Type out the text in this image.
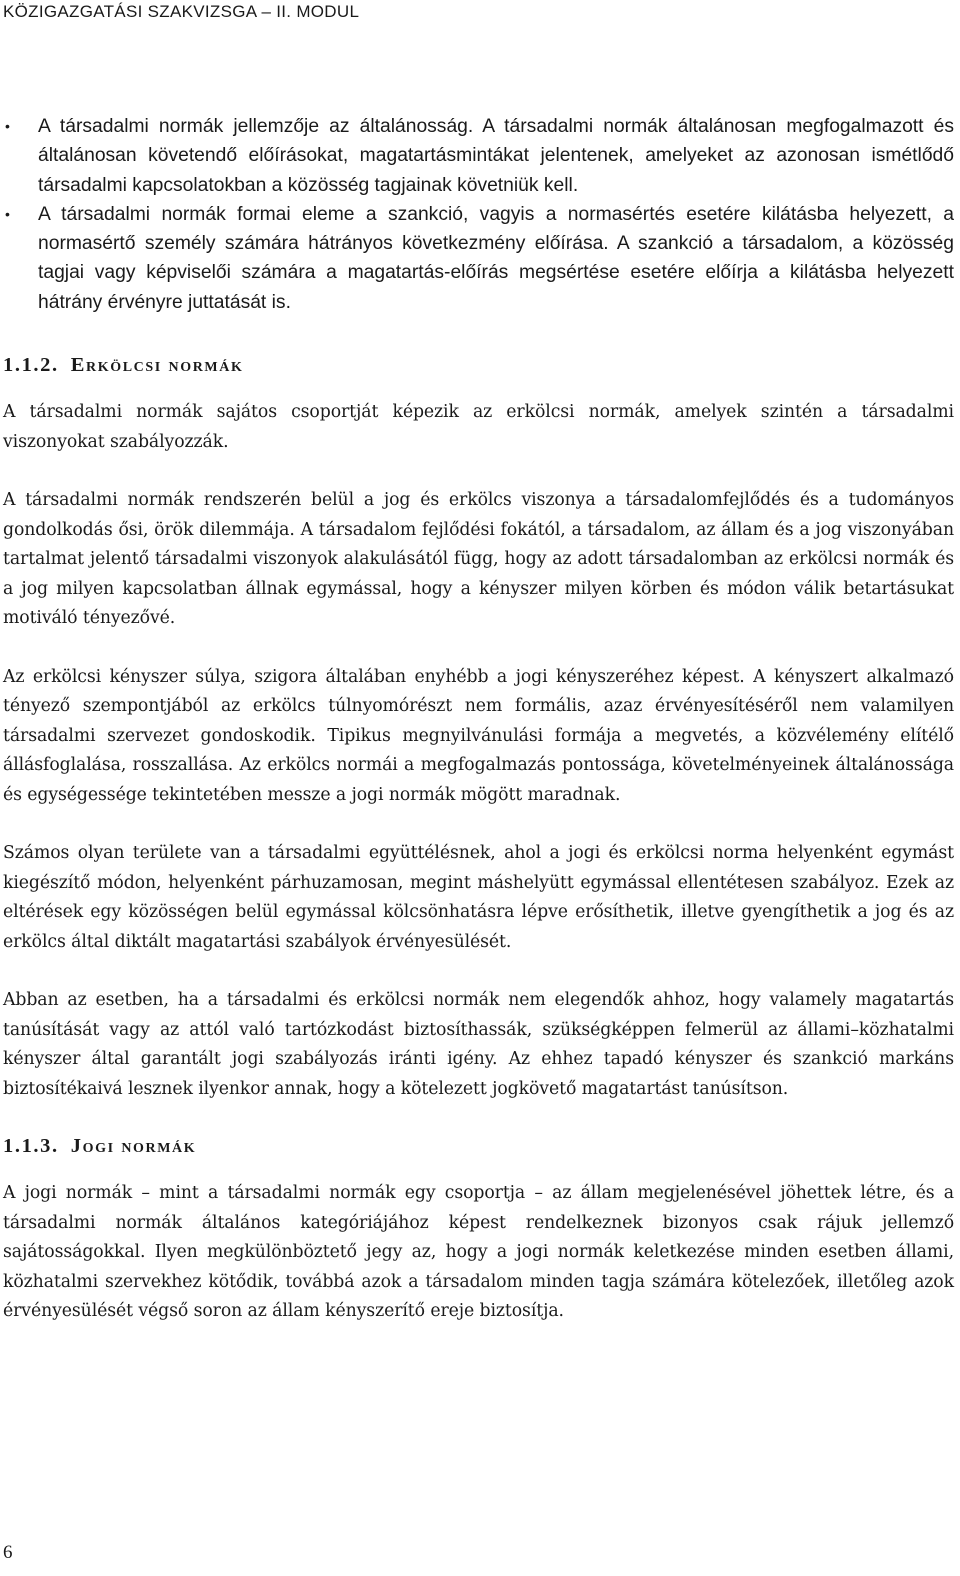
KÖZIGAZGATÁSI SZAKVIZSGA – II. MODUL
• A társadalmi normák jellemzője az általánosság. A társadalmi normák általánosan megfogalmazott és általánosan követendő előírásokat, magatartásmintákat jelentenek, amelyeket az azonosan ismétlődő társadalmi kapcsolatokban a közösség tagjainak követniük kell.
• A társadalmi normák formai eleme a szankció, vagyis a normasértés esetére kilátásba helyezett, a normasértő személy számára hátrányos következmény előírása. A szankció a társadalom, a közösség tagjai vagy képviselői számára a magatartás-előírás megsértése esetére előírja a kilátásba helyezett hátrány érvényre juttatását is.
1.1.2. Erkölcsi normák

A társadalmi normák sajátos csoportját képezik az erkölcsi normák, amelyek szintén a társadalmi viszonyokat szabályozzák.

A társadalmi normák rendszerén belül a jog és erkölcs viszonya a társadalomfejlődés és a tudományos gondolkodás ősi, örök dilemmája. A társadalom fejlődési fokától, a társadalom, az állam és a jog viszonyában tartalmat jelentő társadalmi viszonyok alakulásától függ, hogy az adott társadalomban az erkölcsi normák és a jog milyen kapcsolatban állnak egymással, hogy a kényszer milyen körben és módon válik betartásukat motiváló tényezővé.

Az erkölcsi kényszer súlya, szigora általában enyhébb a jogi kényszeréhez képest. A kényszert alkalmazó tényező szempontjából az erkölcs túlnyomórészt nem formális, azaz érvényesítéséről nem valamilyen társadalmi szervezet gondoskodik. Tipikus megnyilvánulási formája a megvetés, a közvélemény elítélő állásfoglalása, rosszallása. Az erkölcs normái a megfogalmazás pontossága, követelményeinek általánossága és egységessége tekintetében messze a jogi normák mögött maradnak.

Számos olyan területe van a társadalmi együttélésnek, ahol a jogi és erkölcsi norma helyenként egymást kiegészítő módon, helyenként párhuzamosan, megint máshelyütt egymással ellentétesen szabályoz. Ezek az eltérések egy közösségen belül egymással kölcsönhatásra lépve erősíthetik, illetve gyengíthetik a jog és az erkölcs által diktált magatartási szabályok érvényesülését.

Abban az esetben, ha a társadalmi és erkölcsi normák nem elegendők ahhoz, hogy valamely magatartás tanúsítását vagy az attól való tartózkodást biztosíthassák, szükségképpen felmerül az állami–közhatalmi kényszer által garantált jogi szabályozás iránti igény. Az ehhez tapadó kényszer és szankció markáns biztosítékaivá lesznek ilyenkor annak, hogy a kötelezett jogkövető magatartást tanúsítson.

1.1.3. Jogi normák

A jogi normák – mint a társadalmi normák egy csoportja – az állam megjelenésével jöhettek létre, és a társadalmi normák általános kategóriájához képest rendelkeznek bizonyos csak rájuk jellemző sajátosságokkal. Ilyen megkülönböztető jegy az, hogy a jogi normák keletkezése minden esetben állami, közhatalmi szervekhez kötődik, továbbá azok a társadalom minden tagja számára kötelezőek, illetőleg azok érvényesülését végső soron az állam kényszerítő ereje biztosítja.

6
